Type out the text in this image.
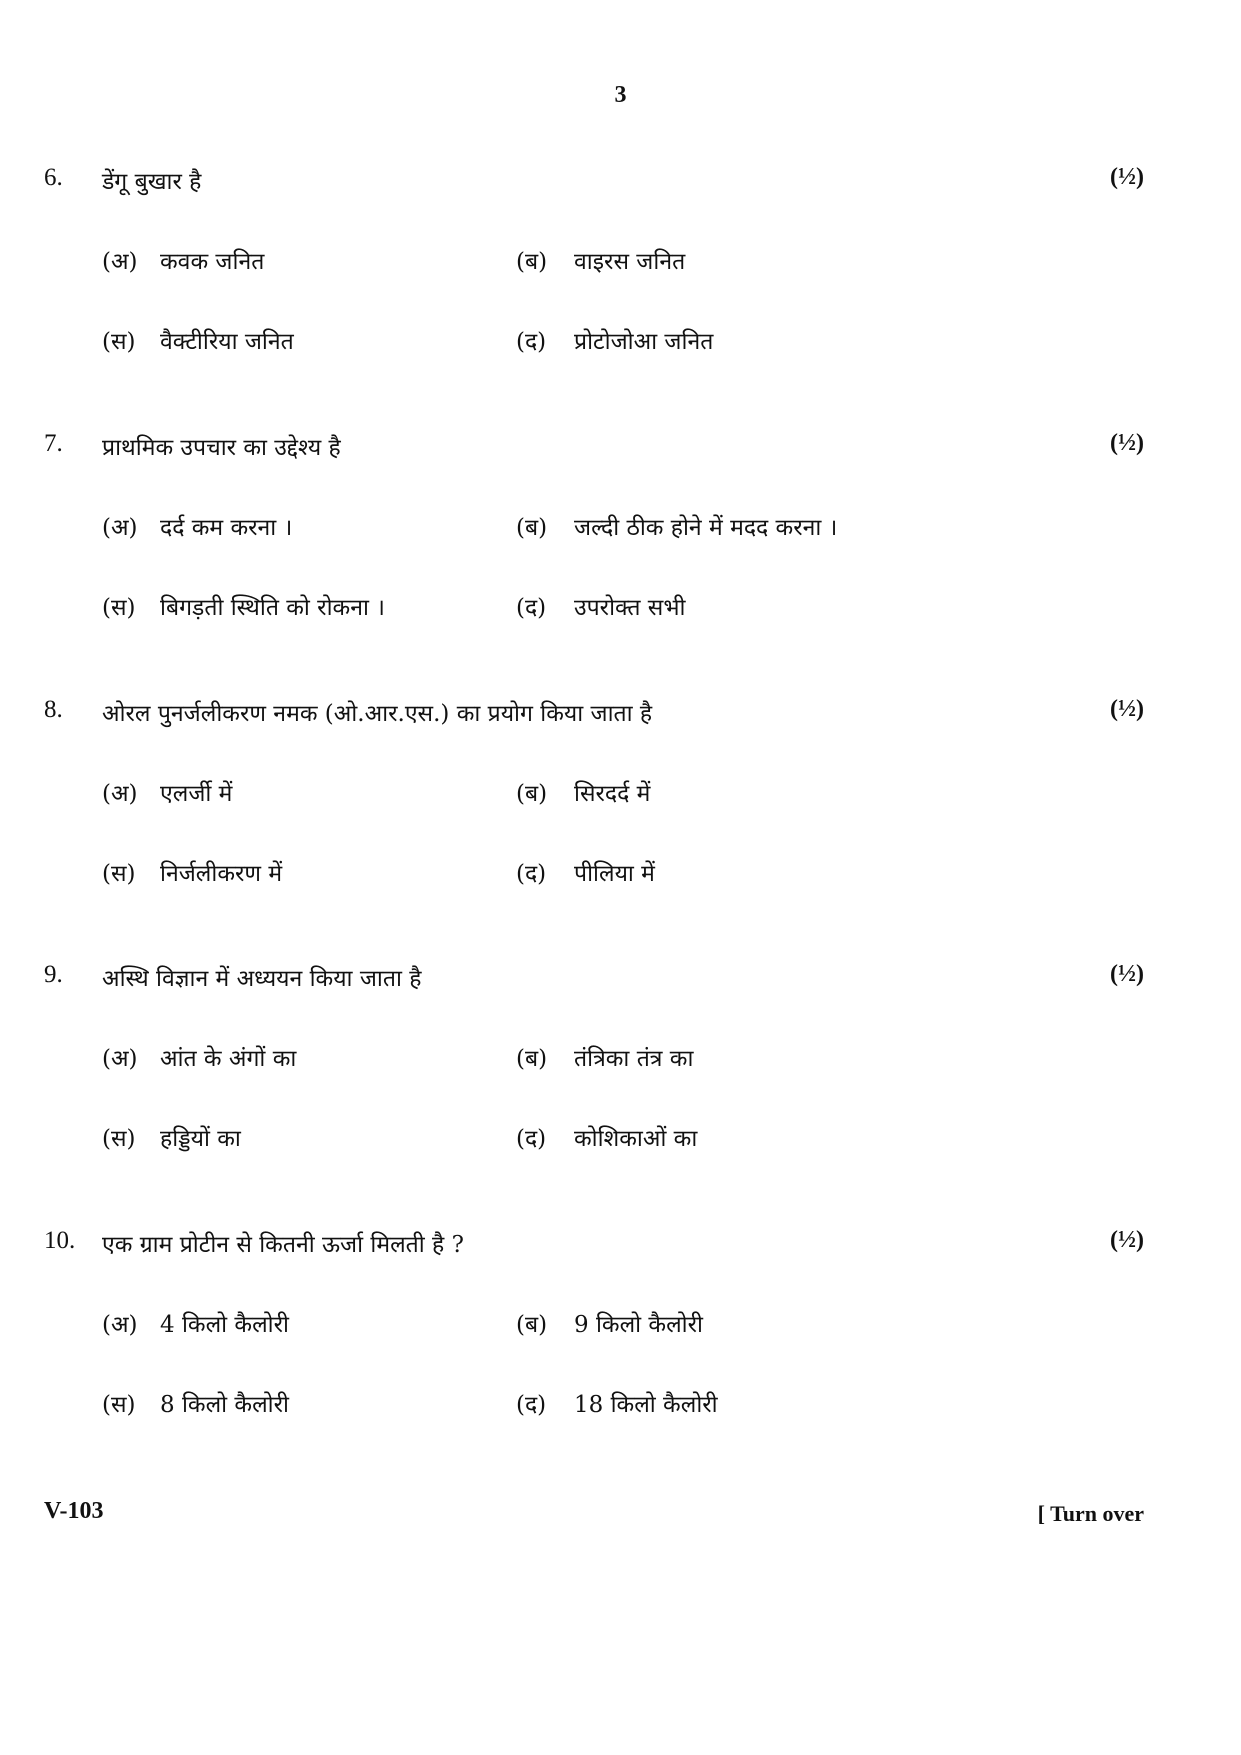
3
6. डेंगू बुखार है	(½)
(अ) कवक जनित	(ब) वाइरस जनित
(स) वैक्टीरिया जनित	(द) प्रोटोजोआ जनित
7. प्राथमिक उपचार का उद्देश्य है	(½)
(अ) दर्द कम करना ।	(ब) जल्दी ठीक होने में मदद करना ।
(स) बिगड़ती स्थिति को रोकना ।	(द) उपरोक्त सभी
8. ओरल पुनर्जलीकरण नमक (ओ.आर.एस.) का प्रयोग किया जाता है	(½)
(अ) एलर्जी में	(ब) सिरदर्द में
(स) निर्जलीकरण में	(द) पीलिया में
9. अस्थि विज्ञान में अध्ययन किया जाता है	(½)
(अ) आंत के अंगों का	(ब) तंत्रिका तंत्र का
(स) हड्डियों का	(द) कोशिकाओं का
10. एक ग्राम प्रोटीन से कितनी ऊर्जा मिलती है ?	(½)
(अ) 4 किलो कैलोरी	(ब) 9 किलो कैलोरी
(स) 8 किलो कैलोरी	(द) 18 किलो कैलोरी
V-103	[ Turn over
